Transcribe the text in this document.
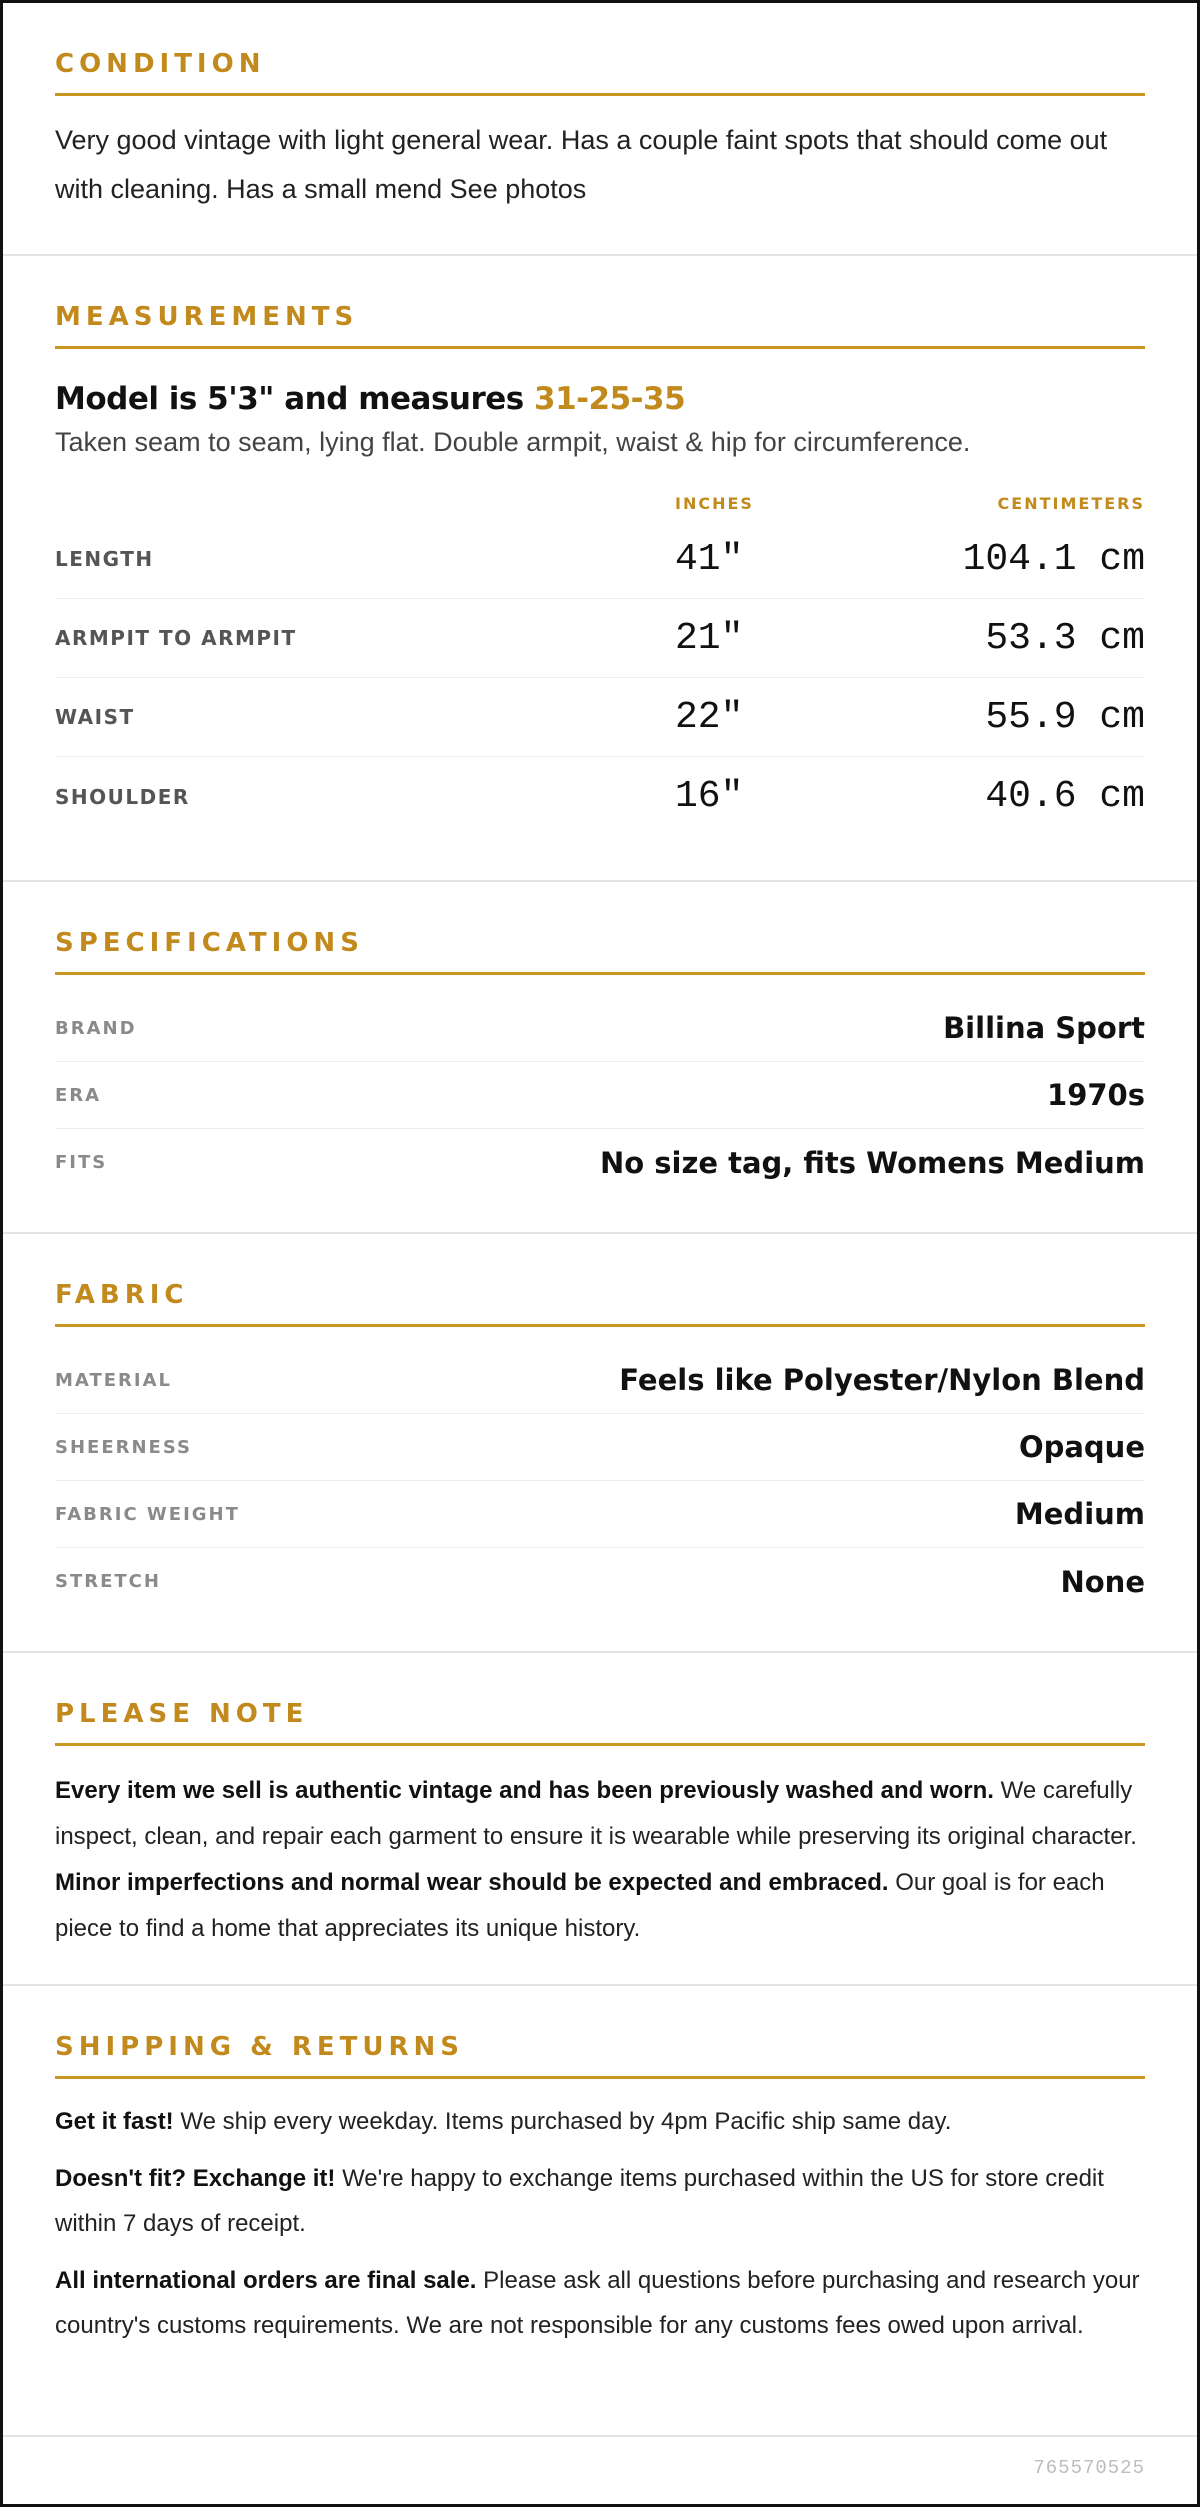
CONDITION

Very good vintage with light general wear. Has a couple faint spots that should come out with cleaning. Has a small mend See photos

MEASUREMENTS
Model is 5'3" and measures 31-25-35
Taken seam to seam, lying flat. Double armpit, waist & hip for circumference.
INCHES	CENTIMETERS
LENGTH	41"	104.1 cm
ARMPIT TO ARMPIT	21"	53.3 cm
WAIST	22"	55.9 cm
SHOULDER	16"	40.6 cm
SPECIFICATIONS
BRAND	Billina Sport
ERA	1970s
FITS	No size tag, fits Womens Medium
FABRIC
MATERIAL	Feels like Polyester/Nylon Blend
SHEERNESS	Opaque
FABRIC WEIGHT	Medium
STRETCH	None
PLEASE NOTE

Every item we sell is authentic vintage and has been previously washed and worn. We carefully inspect, clean, and repair each garment to ensure it is wearable while preserving its original character. Minor imperfections and normal wear should be expected and embraced. Our goal is for each piece to find a home that appreciates its unique history.

SHIPPING & RETURNS

Get it fast! We ship every weekday. Items purchased by 4pm Pacific ship same day.

Doesn't fit? Exchange it! We're happy to exchange items purchased within the US for store credit within 7 days of receipt.

All international orders are final sale. Please ask all questions before purchasing and research your country's customs requirements. We are not responsible for any customs fees owed upon arrival.

765570525
